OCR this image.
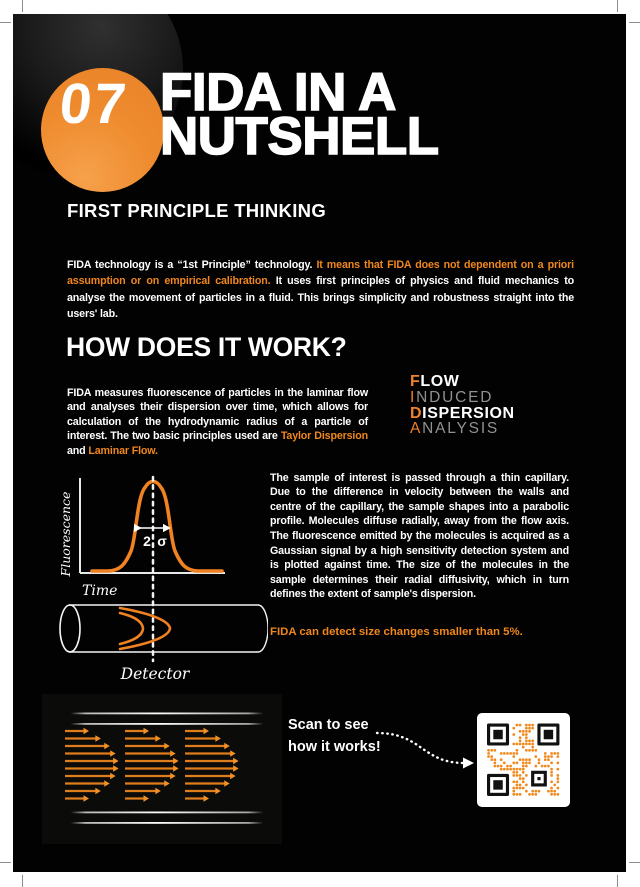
07 FIDA IN A
NUTSHELL
FIRST PRINCIPLE THINKING

FIDA technology is a “1st Principle” technology. It means that FIDA does not dependent on a priori assumption or on empirical calibration. It uses first principles of physics and fluid mechanics to analyse the movement of particles in a fluid. This brings simplicity and robustness straight into the users' lab.

HOW DOES IT WORK?

FIDA measures fluorescence of particles in the laminar flow and analyses their dispersion over time, which allows for calculation of the hydrodynamic radius of a particle of interest. The two basic principles used are Taylor Dispersion and Laminar Flow.

FLOW
INDUCED
DISPERSION
ANALYSIS
2 σ
Fluorescence
Time
Detector

The sample of interest is passed through a thin capillary. Due to the difference in velocity between the walls and centre of the capillary, the sample shapes into a parabolic profile. Molecules diffuse radially, away from the flow axis. The fluorescence emitted by the molecules is acquired as a Gaussian signal by a high sensitivity detection system and is plotted against time. The size of the molecules in the sample determines their radial diffusivity, which in turn defines the extent of sample's dispersion.

FIDA can detect size changes smaller than 5%.
Scan to see
how it works!
